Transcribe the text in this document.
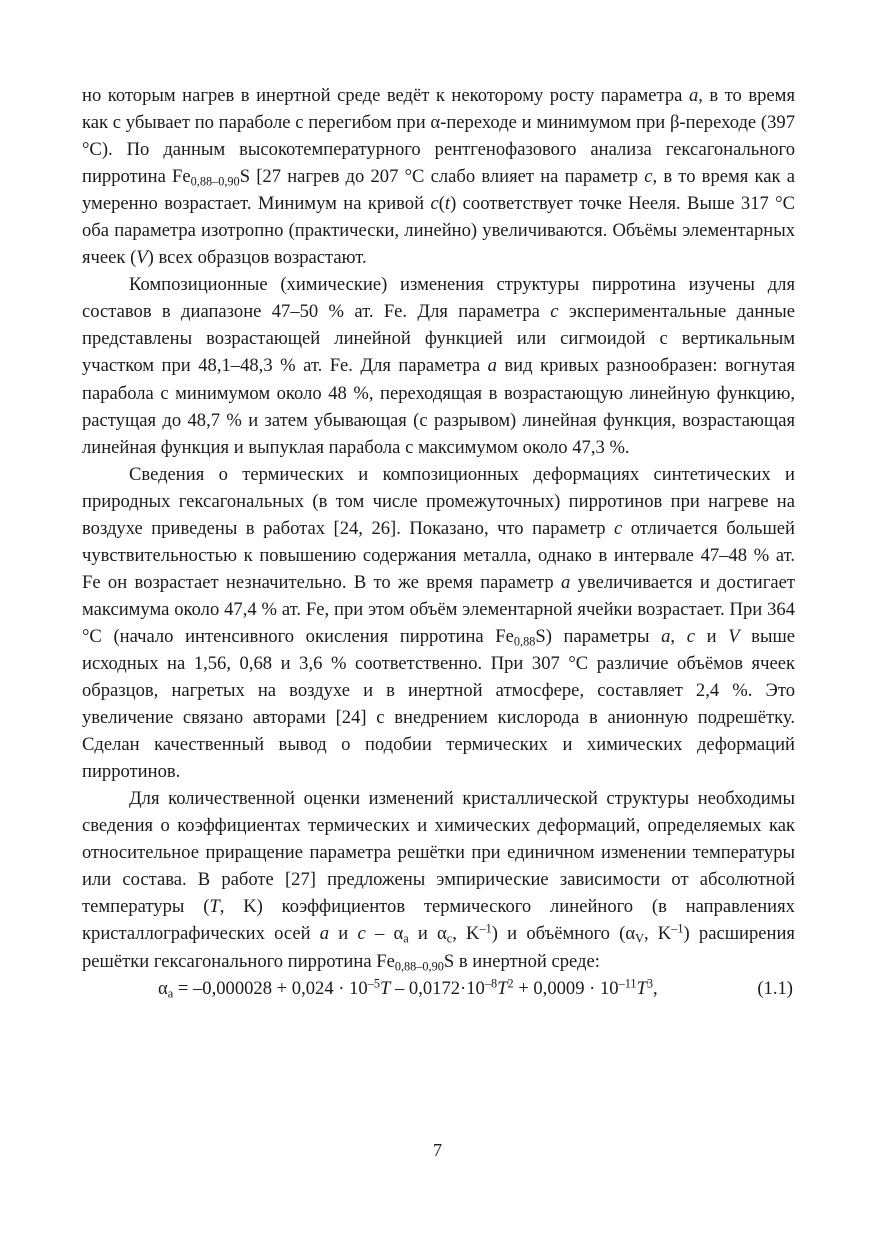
но которым нагрев в инертной среде ведёт к некоторому росту параметра a, в то время как c убывает по параболе с перегибом при α-переходе и минимумом при β-переходе (397 °C). По данным высокотемпературного рентгенофазового анализа гексагонального пирротина $Fe_{0,88-0,90}S$ [27 нагрев до 207 °C слабо влияет на параметр c, в то время как a умеренно возрастает. Минимум на кривой c(t) соответствует точке Нееля. Выше 317 °C оба параметра изотропно (практически, линейно) увеличиваются. Объёмы элементарных ячеек (V) всех образцов возрастают.

Композиционные (химические) изменения структуры пирротина изучены для составов в диапазоне 47–50 % ат. Fe. Для параметра c экспериментальные данные представлены возрастающей линейной функцией или сигмоидой с вертикальным участком при 48,1–48,3 % ат. Fe. Для параметра a вид кривых разнообразен: вогнутая парабола с минимумом около 48 %, переходящая в возрастающую линейную функцию, растущая до 48,7 % и затем убывающая (с разрывом) линейная функция, возрастающая линейная функция и выпуклая парабола с максимумом около 47,3 %.

Сведения о термических и композиционных деформациях синтетических и природных гексагональных (в том числе промежуточных) пирротинов при нагреве на воздухе приведены в работах [24, 26]. Показано, что параметр c отличается большей чувствительностью к повышению содержания металла, однако в интервале 47–48 % ат. Fe он возрастает незначительно. В то же время параметр a увеличивается и достигает максимума около 47,4 % ат. Fe, при этом объём элементарной ячейки возрастает. При 364 °C (начало интенсивного окисления пирротина $Fe_{0,88}S$) параметры a, c и V выше исходных на 1,56, 0,68 и 3,6 % соответственно. При 307 °C различие объёмов ячеек образцов, нагретых на воздухе и в инертной атмосфере, составляет 2,4 %. Это увеличение связано авторами [24] с внедрением кислорода в анионную подрешётку. Сделан качественный вывод о подобии термических и химических деформаций пирротинов.

Для количественной оценки изменений кристаллической структуры необходимы сведения о коэффициентах термических и химических деформаций, определяемых как относительное приращение параметра решётки при единичном изменении температуры или состава. В работе [27] предложены эмпирические зависимости от абсолютной температуры (T, K) коэффициентов термического линейного (в направлениях кристаллографических осей a и c – $\alpha_a$ и $\alpha_c$, $K^{-1}$) и объёмного ($\alpha_V$, $K^{-1}$) расширения решётки гексагонального пирротина $Fe_{0,88-0,90}S$ в инертной среде:

$\alpha_a = -0,000028 + 0,024 \cdot 10^{-5}T - 0,0172\cdot 10^{-8}T^2 + 0,0009 \cdot 10^{-11}T^3$,	(1.1)
7
